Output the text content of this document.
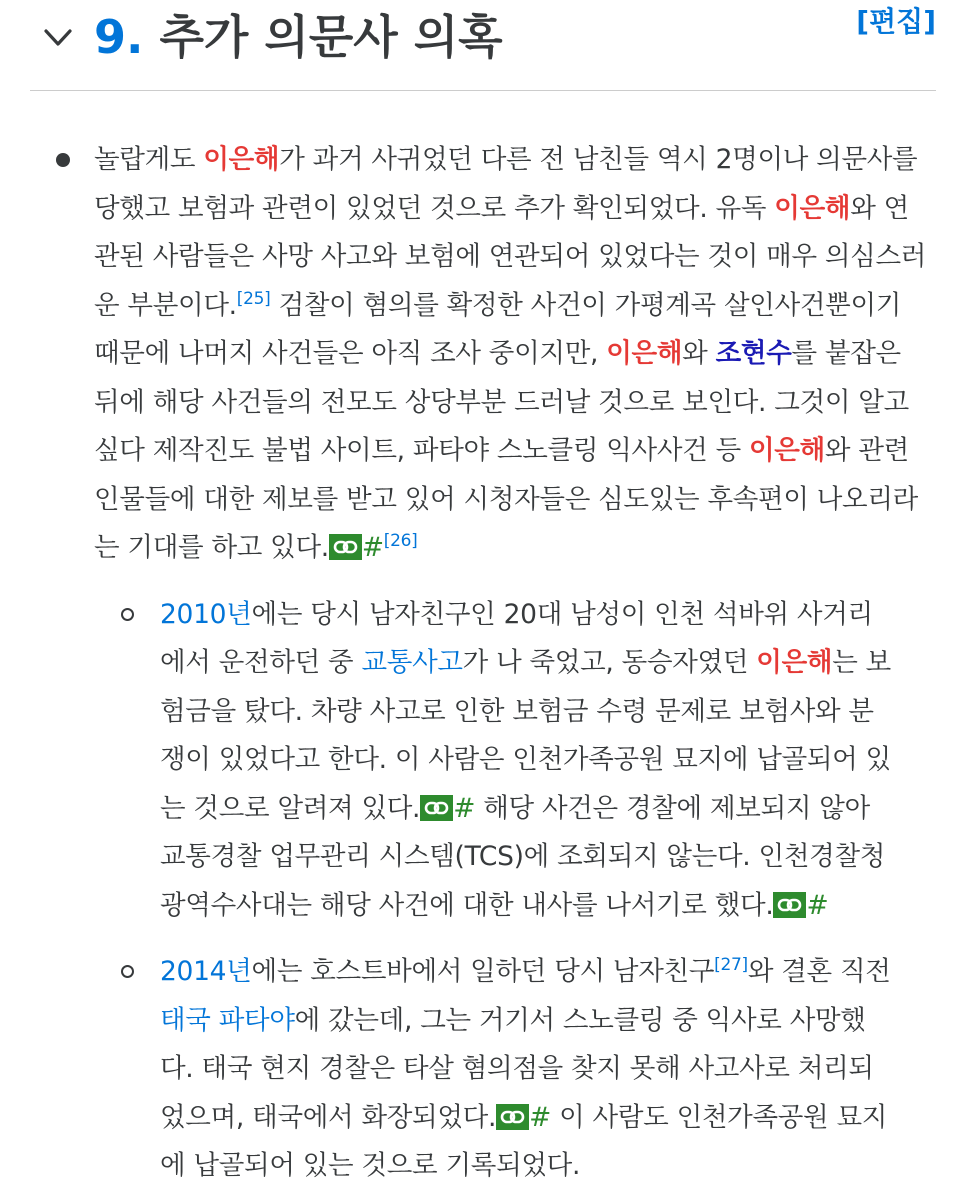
9. 추가 의문사 의혹	[편집]
놀랍게도 이은해가 과거 사귀었던 다른 전 남친들 역시 2명이나 의문사를 당했고 보험과 관련이 있었던 것으로 추가 확인되었다. 유독 이은해와 연관된 사람들은 사망 사고와 보험에 연관되어 있었다는 것이 매우 의심스러운 부분이다.[25] 검찰이 혐의를 확정한 사건이 가평계곡 살인사건뿐이기 때문에 나머지 사건들은 아직 조사 중이지만, 이은해와 조현수를 붙잡은 뒤에 해당 사건들의 전모도 상당부분 드러날 것으로 보인다. 그것이 알고싶다 제작진도 불법 사이트, 파타야 스노클링 익사사건 등 이은해와 관련 인물들에 대한 제보를 받고 있어 시청자들은 심도있는 후속편이 나오리라는 기대를 하고 있다. #[26]
2010년에는 당시 남자친구인 20대 남성이 인천 석바위 사거리에서 운전하던 중 교통사고가 나 죽었고, 동승자였던 이은해는 보험금을 탔다. 차량 사고로 인한 보험금 수령 문제로 보험사와 분쟁이 있었다고 한다. 이 사람은 인천가족공원 묘지에 납골되어 있는 것으로 알려져 있다. # 해당 사건은 경찰에 제보되지 않아 교통경찰 업무관리 시스템(TCS)에 조회되지 않는다. 인천경찰청 광역수사대는 해당 사건에 대한 내사를 나서기로 했다. #
2014년에는 호스트바에서 일하던 당시 남자친구[27]와 결혼 직전 태국 파타야에 갔는데, 그는 거기서 스노클링 중 익사로 사망했다. 태국 현지 경찰은 타살 혐의점을 찾지 못해 사고사로 처리되었으며, 태국에서 화장되었다. # 이 사람도 인천가족공원 묘지에 납골되어 있는 것으로 기록되었다.
